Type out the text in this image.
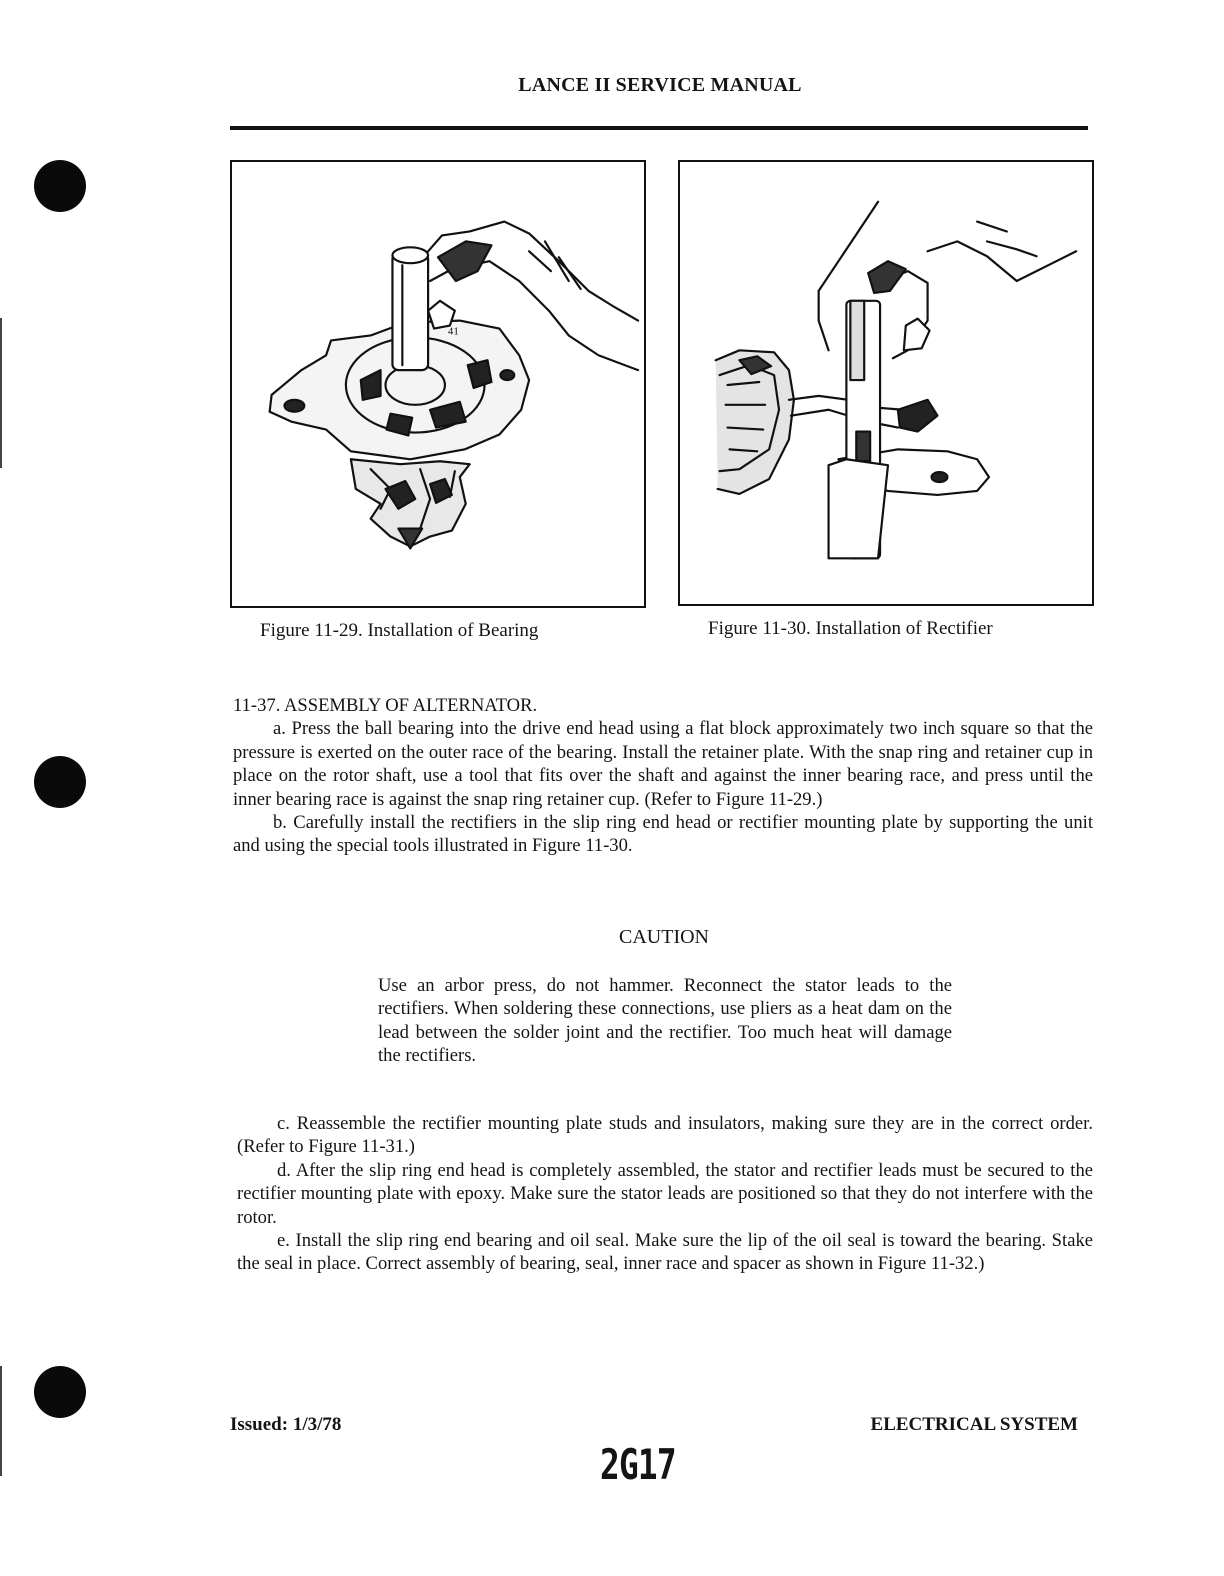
LANCE II SERVICE MANUAL
41
Figure 11-29. Installation of Bearing	Figure 11-30. Installation of Rectifier

11-37. ASSEMBLY OF ALTERNATOR.

a. Press the ball bearing into the drive end head using a flat block approximately two inch square so that the pressure is exerted on the outer race of the bearing. Install the retainer plate. With the snap ring and retainer cup in place on the rotor shaft, use a tool that fits over the shaft and against the inner bearing race, and press until the inner bearing race is against the snap ring retainer cup. (Refer to Figure 11-29.)

b. Carefully install the rectifiers in the slip ring end head or rectifier mounting plate by supporting the unit and using the special tools illustrated in Figure 11-30.

CAUTION
Use an arbor press, do not hammer. Reconnect the stator leads to the rectifiers. When soldering these connections, use pliers as a heat dam on the lead between the solder joint and the rectifier. Too much heat will damage the rectifiers.

c. Reassemble the rectifier mounting plate studs and insulators, making sure they are in the correct order. (Refer to Figure 11-31.)

d. After the slip ring end head is completely assembled, the stator and rectifier leads must be secured to the rectifier mounting plate with epoxy. Make sure the stator leads are positioned so that they do not interfere with the rotor.

e. Install the slip ring end bearing and oil seal. Make sure the lip of the oil seal is toward the bearing. Stake the seal in place. Correct assembly of bearing, seal, inner race and spacer as shown in Figure 11-32.)

Issued: 1/3/78	ELECTRICAL SYSTEM
2G17
